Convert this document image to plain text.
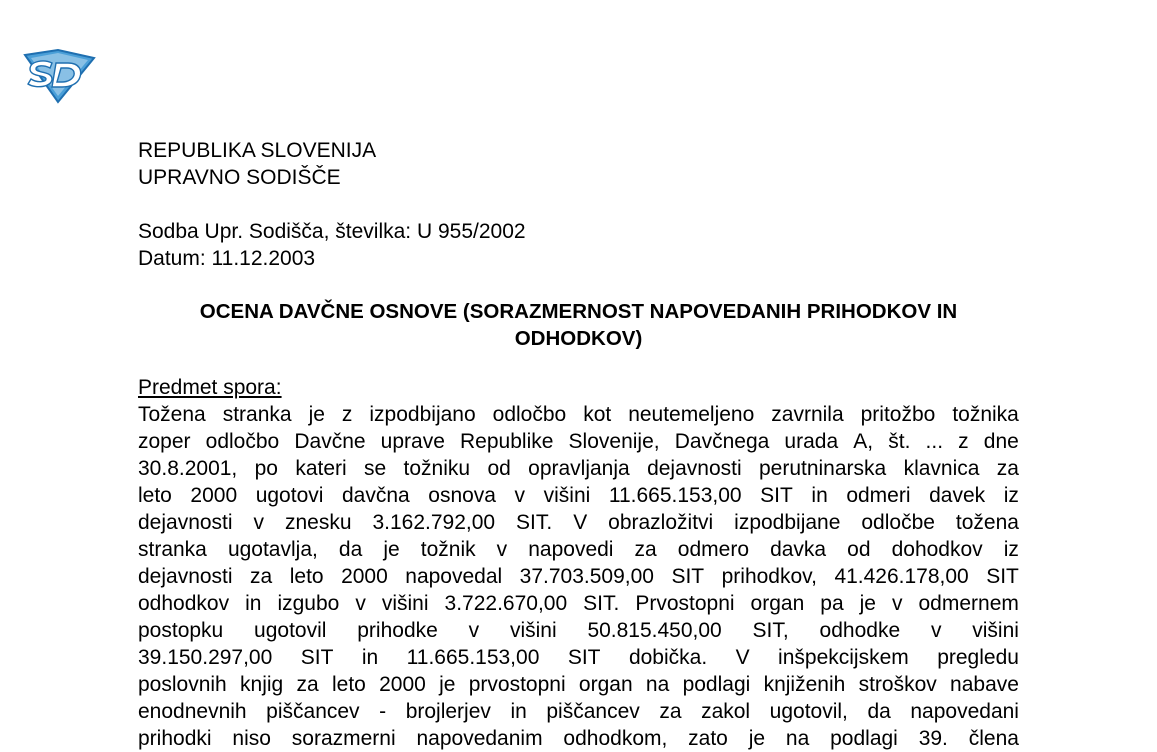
REPUBLIKA SLOVENIJA
UPRAVNO SODIŠČE
Sodba Upr. Sodišča, številka: U 955/2002
Datum: 11.12.2003
OCENA DAVČNE OSNOVE (SORAZMERNOST NAPOVEDANIH PRIHODKOV IN
ODHODKOV)
Predmet spora:
Tožena stranka je z izpodbijano odločbo kot neutemeljeno zavrnila pritožbo tožnika
zoper odločbo Davčne uprave Republike Slovenije, Davčnega urada A, št. ... z dne
30.8.2001, po kateri se tožniku od opravljanja dejavnosti perutninarska klavnica za
leto 2000 ugotovi davčna osnova v višini 11.665.153,00 SIT in odmeri davek iz
dejavnosti v znesku 3.162.792,00 SIT. V obrazložitvi izpodbijane odločbe tožena
stranka ugotavlja, da je tožnik v napovedi za odmero davka od dohodkov iz
dejavnosti za leto 2000 napovedal 37.703.509,00 SIT prihodkov, 41.426.178,00 SIT
odhodkov in izgubo v višini 3.722.670,00 SIT. Prvostopni organ pa je v odmernem
postopku ugotovil prihodke v višini 50.815.450,00 SIT, odhodke v višini
39.150.297,00 SIT in 11.665.153,00 SIT dobička. V inšpekcijskem pregledu
poslovnih knjig za leto 2000 je prvostopni organ na podlagi knjiženih stroškov nabave
enodnevnih piščancev - brojlerjev in piščancev za zakol ugotovil, da napovedani
prihodki niso sorazmerni napovedanim odhodkom, zato je na podlagi 39. člena
